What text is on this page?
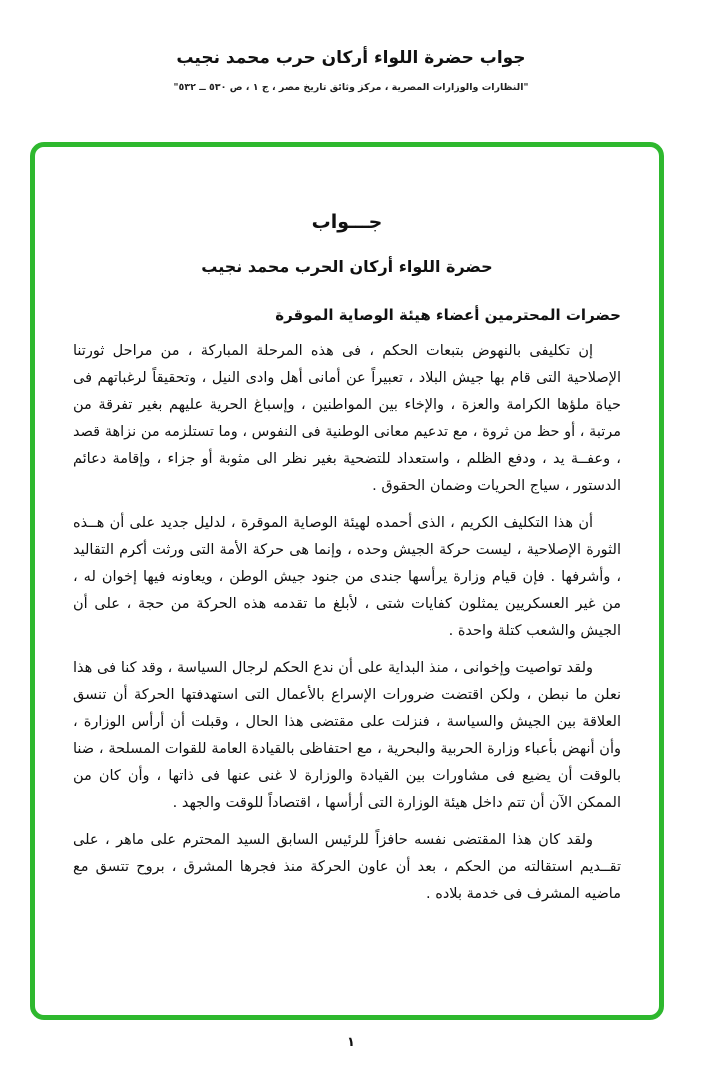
جواب حضرة اللواء أركان حرب محمد نجيب
"النظارات والوزارات المصرية ، مركز وثائق تاريخ مصر ، ج ١ ، ص ٥٣٠ ــ ٥٣٢"
جـــواب
حضرة اللواء أركان الحرب محمد نجيب
حضرات المحترمين أعضاء هيئة الوصاية الموقرة

إن تكليفى بالنهوض بتبعات الحكم ، فى هذه المرحلة المباركة ، من مراحل ثورتنا الإصلاحية التى قام بها جيش البلاد ، تعبيراً عن أمانى أهل وادى النيل ، وتحقيقاً لرغباتهم فى حياة ملؤها الكرامة والعزة ، والإخاء بين المواطنين ، وإسباغ الحرية عليهم بغير تفرقة من مرتبة ، أو حظ من ثروة ، مع تدعيم معانى الوطنية فى النفوس ، وما تستلزمه من نزاهة قصد ، وعفــة يد ، ودفع الظلم ، واستعداد للتضحية بغير نظر الى مثوبة أو جزاء ، وإقامة دعائم الدستور ، سياج الحريات وضمان الحقوق .

أن هذا التكليف الكريم ، الذى أحمده لهيئة الوصاية الموقرة ، لدليل جديد على أن هــذه الثورة الإصلاحية ، ليست حركة الجيش وحده ، وإنما هى حركة الأمة التى ورثت أكرم التقاليد ، وأشرفها . فإن قيام وزارة يرأسها جندى من جنود جيش الوطن ، ويعاونه فيها إخوان له ، من غير العسكريين يمثلون كفايات شتى ، لأبلغ ما تقدمه هذه الحركة من حجة ، على أن الجيش والشعب كتلة واحدة .

ولقد تواصيت وإخوانى ، منذ البداية على أن ندع الحكم لرجال السياسة ، وقد كنا فى هذا نعلن ما نبطن ، ولكن اقتضت ضرورات الإسراع بالأعمال التى استهدفتها الحركة أن تنسق العلاقة بين الجيش والسياسة ، فنزلت على مقتضى هذا الحال ، وقبلت أن أرأس الوزارة ، وأن أنهض بأعباء وزارة الحربية والبحرية ، مع احتفاظى بالقيادة العامة للقوات المسلحة ، ضنا بالوقت أن يضيع فى مشاورات بين القيادة والوزارة لا غنى عنها فى ذاتها ، وأن كان من الممكن الآن أن تتم داخل هيئة الوزارة التى أرأسها ، اقتصاداً للوقت والجهد .

ولقد كان هذا المقتضى نفسه حافزاً للرئيس السابق السيد المحترم على ماهر ، على تقــديم استقالته من الحكم ، بعد أن عاون الحركة منذ فجرها المشرق ، بروح تتسق مع ماضيه المشرف فى خدمة بلاده .

١
